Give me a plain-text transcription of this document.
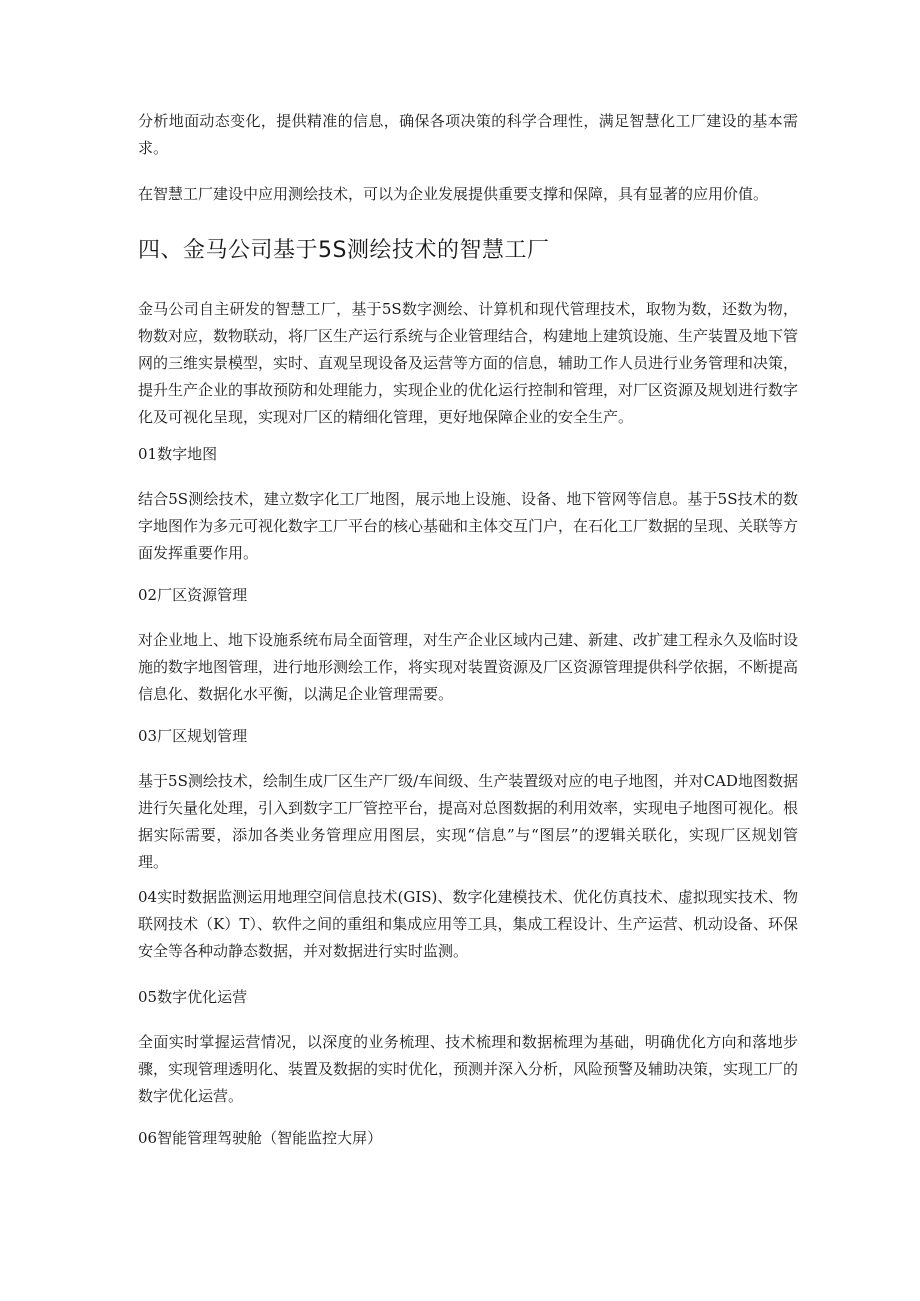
分析地面动态变化，提供精准的信息，确保各项决策的科学合理性，满足智慧化工厂建设的基本需求。

在智慧工厂建设中应用测绘技术，可以为企业发展提供重要支撑和保障，具有显著的应用价值。

四、金马公司基于5S测绘技术的智慧工厂

金马公司自主研发的智慧工厂，基于5S数字测绘、计算机和现代管理技术，取物为数，还数为物，物数对应，数物联动，将厂区生产运行系统与企业管理结合，构建地上建筑设施、生产装置及地下管网的三维实景模型，实时、直观呈现设备及运营等方面的信息，辅助工作人员进行业务管理和决策，提升生产企业的事故预防和处理能力，实现企业的优化运行控制和管理，对厂区资源及规划进行数字化及可视化呈现，实现对厂区的精细化管理，更好地保障企业的安全生产。

01数字地图

结合5S测绘技术，建立数字化工厂地图，展示地上设施、设备、地下管网等信息。基于5S技术的数字地图作为多元可视化数字工厂平台的核心基础和主体交互门户，在石化工厂数据的呈现、关联等方面发挥重要作用。

02厂区资源管理

对企业地上、地下设施系统布局全面管理，对生产企业区域内己建、新建、改扩建工程永久及临时设施的数字地图管理，进行地形测绘工作，将实现对装置资源及厂区资源管理提供科学依据，不断提高信息化、数据化水平衡，以满足企业管理需要。

03厂区规划管理

基于5S测绘技术，绘制生成厂区生产厂级/车间级、生产装置级对应的电子地图，并对CAD地图数据进行矢量化处理，引入到数字工厂管控平台，提高对总图数据的利用效率，实现电子地图可视化。根据实际需要，添加各类业务管理应用图层，实现“信息”与“图层”的逻辑关联化，实现厂区规划管理。

04实时数据监测运用地理空间信息技术(GIS)、数字化建模技术、优化仿真技术、虚拟现实技术、物联网技术（K）T）、软件之间的重组和集成应用等工具，集成工程设计、生产运营、机动设备、环保安全等各种动静态数据，并对数据进行实时监测。

05数字优化运营

全面实时掌握运营情况，以深度的业务梳理、技术梳理和数据梳理为基础，明确优化方向和落地步骤，实现管理透明化、装置及数据的实时优化，预测并深入分析，风险预警及辅助决策，实现工厂的数字优化运营。

06智能管理驾驶舱（智能监控大屏）
